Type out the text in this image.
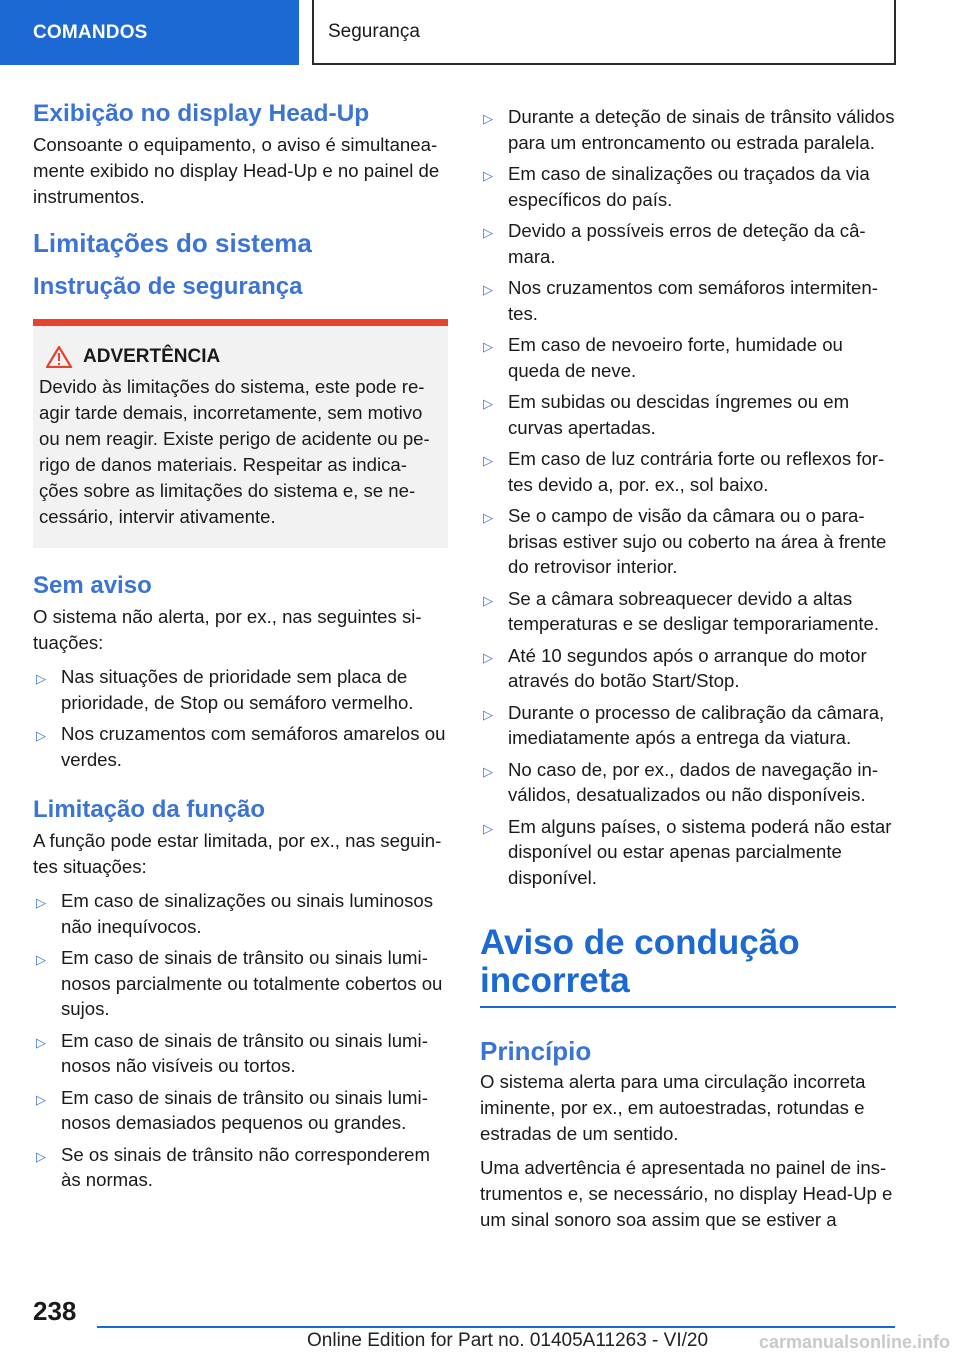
COMANDOS	Segurança
Exibição no display Head-Up

Consoante o equipamento, o aviso é simultaneamente exibido no display Head-Up e no painel de instrumentos.

Limitações do sistema
Instrução de segurança
ADVERTÊNCIA

Devido às limitações do sistema, este pode reagir tarde demais, incorretamente, sem motivo ou nem reagir. Existe perigo de acidente ou perigo de danos materiais. Respeitar as indicações sobre as limitações do sistema e, se necessário, intervir ativamente.

Sem aviso

O sistema não alerta, por ex., nas seguintes situações:

▷ Nas situações de prioridade sem placa de prioridade, de Stop ou semáforo vermelho.
▷ Nos cruzamentos com semáforos amarelos ou verdes.
Limitação da função

A função pode estar limitada, por ex., nas seguintes situações:

▷ Em caso de sinalizações ou sinais luminosos não inequívocos.
▷ Em caso de sinais de trânsito ou sinais luminosos parcialmente ou totalmente cobertos ou sujos.
▷ Em caso de sinais de trânsito ou sinais luminosos não visíveis ou tortos.
▷ Em caso de sinais de trânsito ou sinais luminosos demasiados pequenos ou grandes.
▷ Se os sinais de trânsito não corresponderem às normas.
▷ Durante a deteção de sinais de trânsito válidos para um entroncamento ou estrada paralela.
▷ Em caso de sinalizações ou traçados da via específicos do país.
▷ Devido a possíveis erros de deteção da câmara.
▷ Nos cruzamentos com semáforos intermitentes.
▷ Em caso de nevoeiro forte, humidade ou queda de neve.
▷ Em subidas ou descidas íngremes ou em curvas apertadas.
▷ Em caso de luz contrária forte ou reflexos fortes devido a, por. ex., sol baixo.
▷ Se o campo de visão da câmara ou o para-brisas estiver sujo ou coberto na área à frente do retrovisor interior.
▷ Se a câmara sobreaquecer devido a altas temperaturas e se desligar temporariamente.
▷ Até 10 segundos após o arranque do motor através do botão Start/Stop.
▷ Durante o processo de calibração da câmara, imediatamente após a entrega da viatura.
▷ No caso de, por ex., dados de navegação inválidos, desatualizados ou não disponíveis.
▷ Em alguns países, o sistema poderá não estar disponível ou estar apenas parcialmente disponível.
Aviso de condução incorreta
Princípio

O sistema alerta para uma circulação incorreta iminente, por ex., em autoestradas, rotundas e estradas de um sentido.

Uma advertência é apresentada no painel de instrumentos e, se necessário, no display Head-Up e um sinal sonoro soa assim que se estiver a

238
Online Edition for Part no. 01405A11263 - VI/20	carmanualsonline.info
